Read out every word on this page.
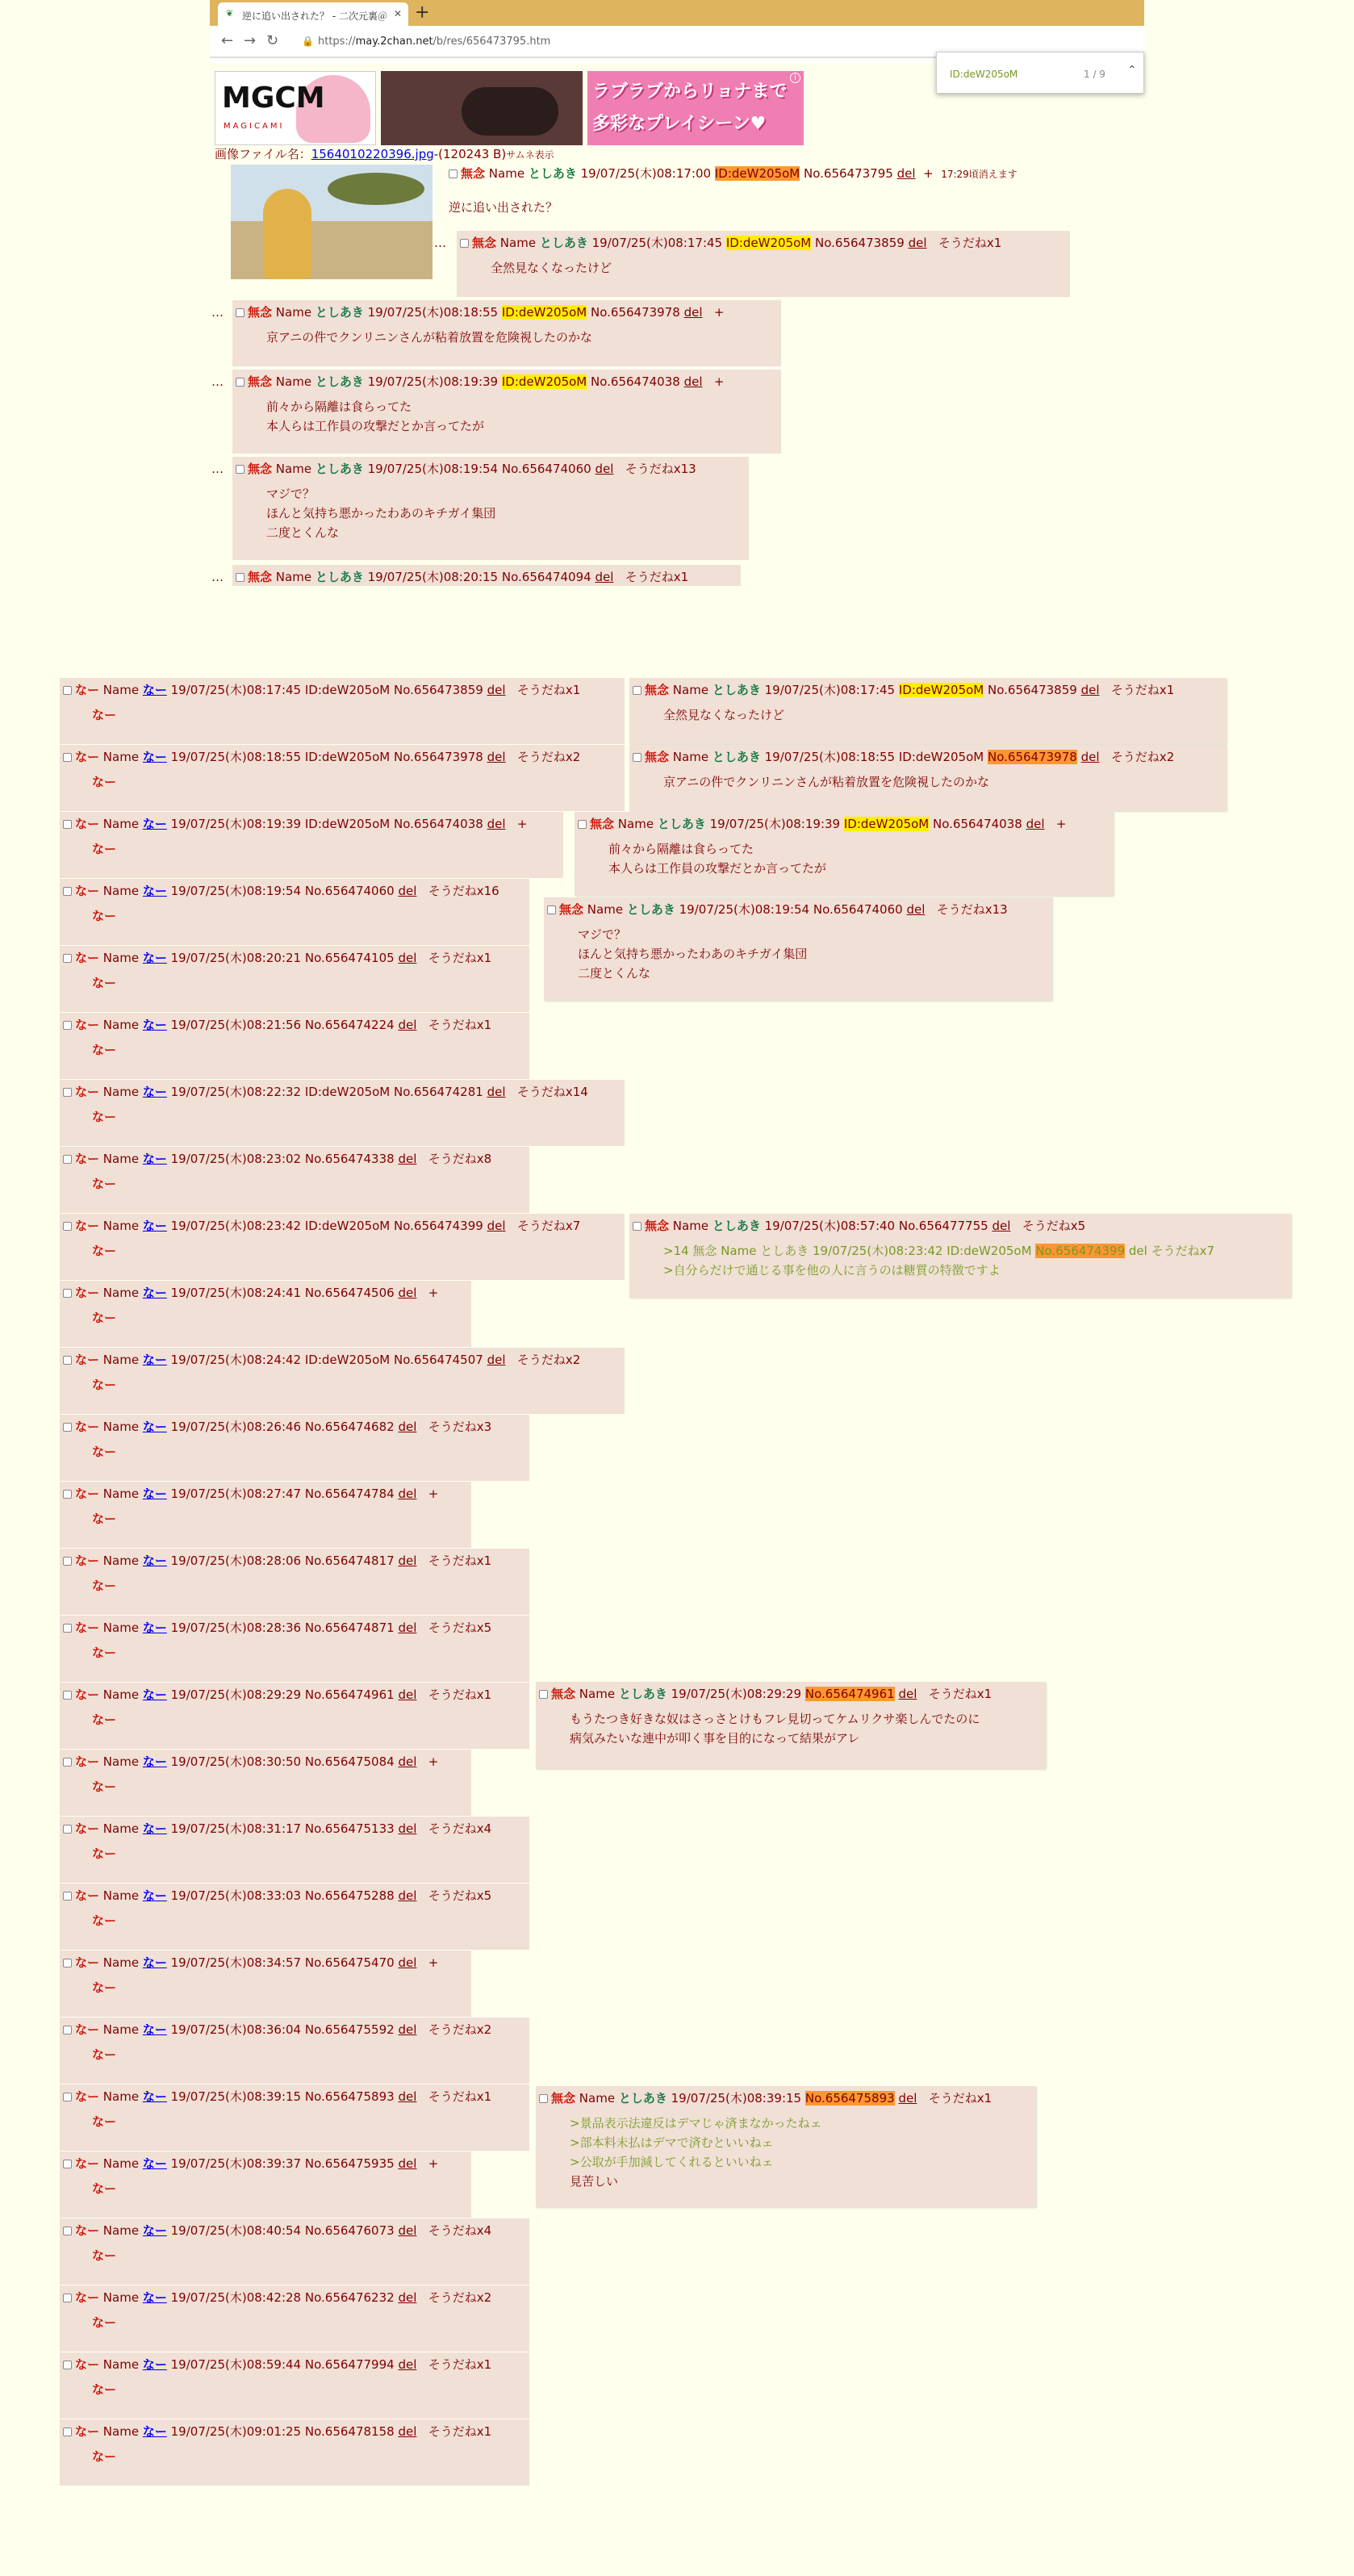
❦ 逆に追い出された？ - 二次元裏＠ ✕ +
← → ↻ 🔒 https://may.2chan.net/b/res/656473795.htm
ID:deW205oM	1 / 9 ⌃
MGCM
MAGICAMI
ラブラブからリョナまで
多彩なプレイシーン♥
i
画像ファイル名：1564010220396.jpg-(120243 B)サムネ表示
無念 Name としあき 19/07/25(木)08:17:00 ID:deW205oM No.656473795 del + 17:29頃消えます
逆に追い出された？
無念 Name としあき 19/07/25(木)08:17:45 ID:deW205oM No.656473859 del そうだねx1
全然見なくなったけど
無念 Name としあき 19/07/25(木)08:18:55 ID:deW205oM No.656473978 del +
京アニの件でクンリニンさんが粘着放置を危険視したのかな
無念 Name としあき 19/07/25(木)08:19:39 ID:deW205oM No.656474038 del +
前々から隔離は食らってた
本人らは工作員の攻撃だとか言ってたが
無念 Name としあき 19/07/25(木)08:19:54 No.656474060 del そうだねx13
マジで？
ほんと気持ち悪かったわあのキチガイ集団
二度とくんな
無念 Name としあき 19/07/25(木)08:20:15 No.656474094 del そうだねx1
なー Name なー 19/07/25(木)08:17:45 ID:deW205oM No.656473859 del そうだねx1
なー
なー Name なー 19/07/25(木)08:18:55 ID:deW205oM No.656473978 del そうだねx2
なー
なー Name なー 19/07/25(木)08:19:39 ID:deW205oM No.656474038 del +
なー
なー Name なー 19/07/25(木)08:19:54 No.656474060 del そうだねx16
なー
なー Name なー 19/07/25(木)08:20:21 No.656474105 del そうだねx1
なー
なー Name なー 19/07/25(木)08:21:56 No.656474224 del そうだねx1
なー
なー Name なー 19/07/25(木)08:22:32 ID:deW205oM No.656474281 del そうだねx14
なー
なー Name なー 19/07/25(木)08:23:02 No.656474338 del そうだねx8
なー
なー Name なー 19/07/25(木)08:23:42 ID:deW205oM No.656474399 del そうだねx7
なー
なー Name なー 19/07/25(木)08:24:41 No.656474506 del +
なー
なー Name なー 19/07/25(木)08:24:42 ID:deW205oM No.656474507 del そうだねx2
なー
なー Name なー 19/07/25(木)08:26:46 No.656474682 del そうだねx3
なー
なー Name なー 19/07/25(木)08:27:47 No.656474784 del +
なー
なー Name なー 19/07/25(木)08:28:06 No.656474817 del そうだねx1
なー
なー Name なー 19/07/25(木)08:28:36 No.656474871 del そうだねx5
なー
なー Name なー 19/07/25(木)08:29:29 No.656474961 del そうだねx1
なー
なー Name なー 19/07/25(木)08:30:50 No.656475084 del +
なー
なー Name なー 19/07/25(木)08:31:17 No.656475133 del そうだねx4
なー
なー Name なー 19/07/25(木)08:33:03 No.656475288 del そうだねx5
なー
なー Name なー 19/07/25(木)08:34:57 No.656475470 del +
なー
なー Name なー 19/07/25(木)08:36:04 No.656475592 del そうだねx2
なー
なー Name なー 19/07/25(木)08:39:15 No.656475893 del そうだねx1
なー
なー Name なー 19/07/25(木)08:39:37 No.656475935 del +
なー
なー Name なー 19/07/25(木)08:40:54 No.656476073 del そうだねx4
なー
なー Name なー 19/07/25(木)08:42:28 No.656476232 del そうだねx2
なー
なー Name なー 19/07/25(木)08:59:44 No.656477994 del そうだねx1
なー
なー Name なー 19/07/25(木)09:01:25 No.656478158 del そうだねx1
なー
無念 Name としあき 19/07/25(木)08:17:45 ID:deW205oM No.656473859 del そうだねx1
全然見なくなったけど
無念 Name としあき 19/07/25(木)08:18:55 ID:deW205oM No.656473978 del そうだねx2
京アニの件でクンリニンさんが粘着放置を危険視したのかな
無念 Name としあき 19/07/25(木)08:19:39 ID:deW205oM No.656474038 del +
前々から隔離は食らってた
本人らは工作員の攻撃だとか言ってたが
無念 Name としあき 19/07/25(木)08:19:54 No.656474060 del そうだねx13
マジで？
ほんと気持ち悪かったわあのキチガイ集団
二度とくんな
無念 Name としあき 19/07/25(木)08:57:40 No.656477755 del そうだねx5
>14 無念 Name としあき 19/07/25(木)08:23:42 ID:deW205oM No.656474399 del そうだねx7
>自分らだけで通じる事を他の人に言うのは糖質の特徴ですよ
無念 Name としあき 19/07/25(木)08:29:29 No.656474961 del そうだねx1
もうたつき好きな奴はさっさとけもフレ見切ってケムリクサ楽しんでたのに
病気みたいな連中が叩く事を目的になって結果がアレ
無念 Name としあき 19/07/25(木)08:39:15 No.656475893 del そうだねx1
>景品表示法違反はデマじゃ済まなかったねェ
>部本料未払はデマで済むといいねェ
>公取が手加減してくれるといいねェ
見苦しい
…
…
…
…
…
